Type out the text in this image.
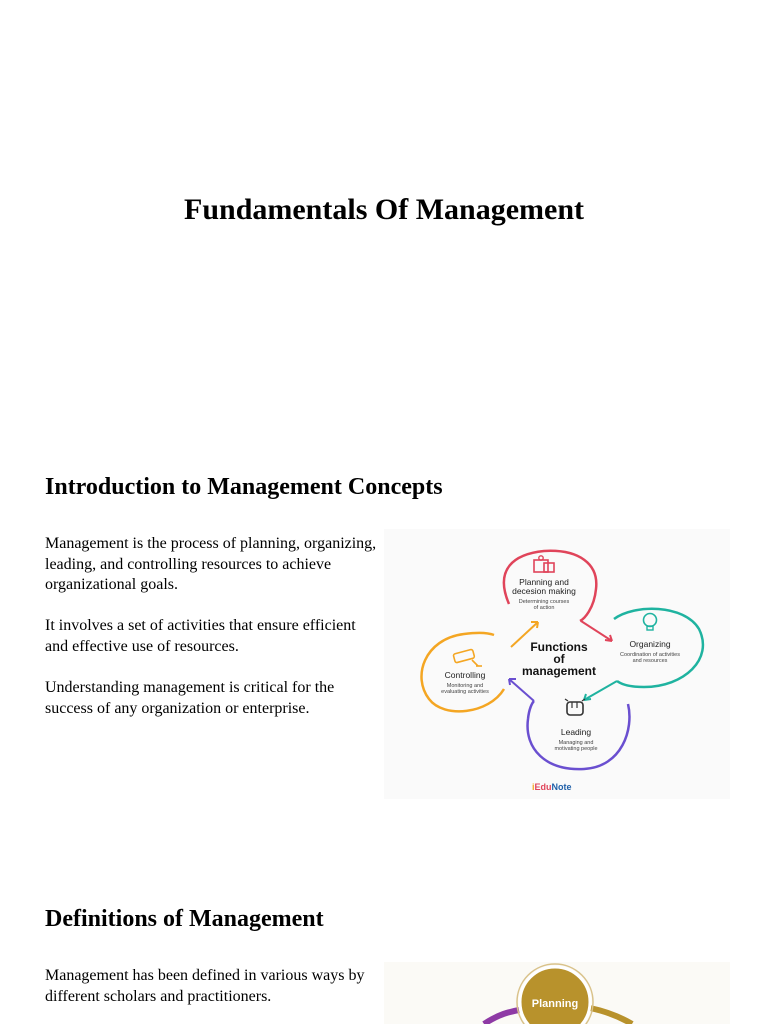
Fundamentals Of Management
Introduction to Management Concepts
Management is the process of planning, organizing, leading, and controlling resources to achieve organizational goals.
It involves a set of activities that ensure efficient and effective use of resources.
Understanding management is critical for the success of any organization or enterprise.
Functions
of
management
Planning and
decesion making
Determining courses
of action
Organizing
Coordination of activities
and resources
Leading
Managing and
motivating people
Controlling
Monitoring and
evaluating activities
iEduNote
Definitions of Management
Management has been defined in various ways by different scholars and practitioners.	Planning
